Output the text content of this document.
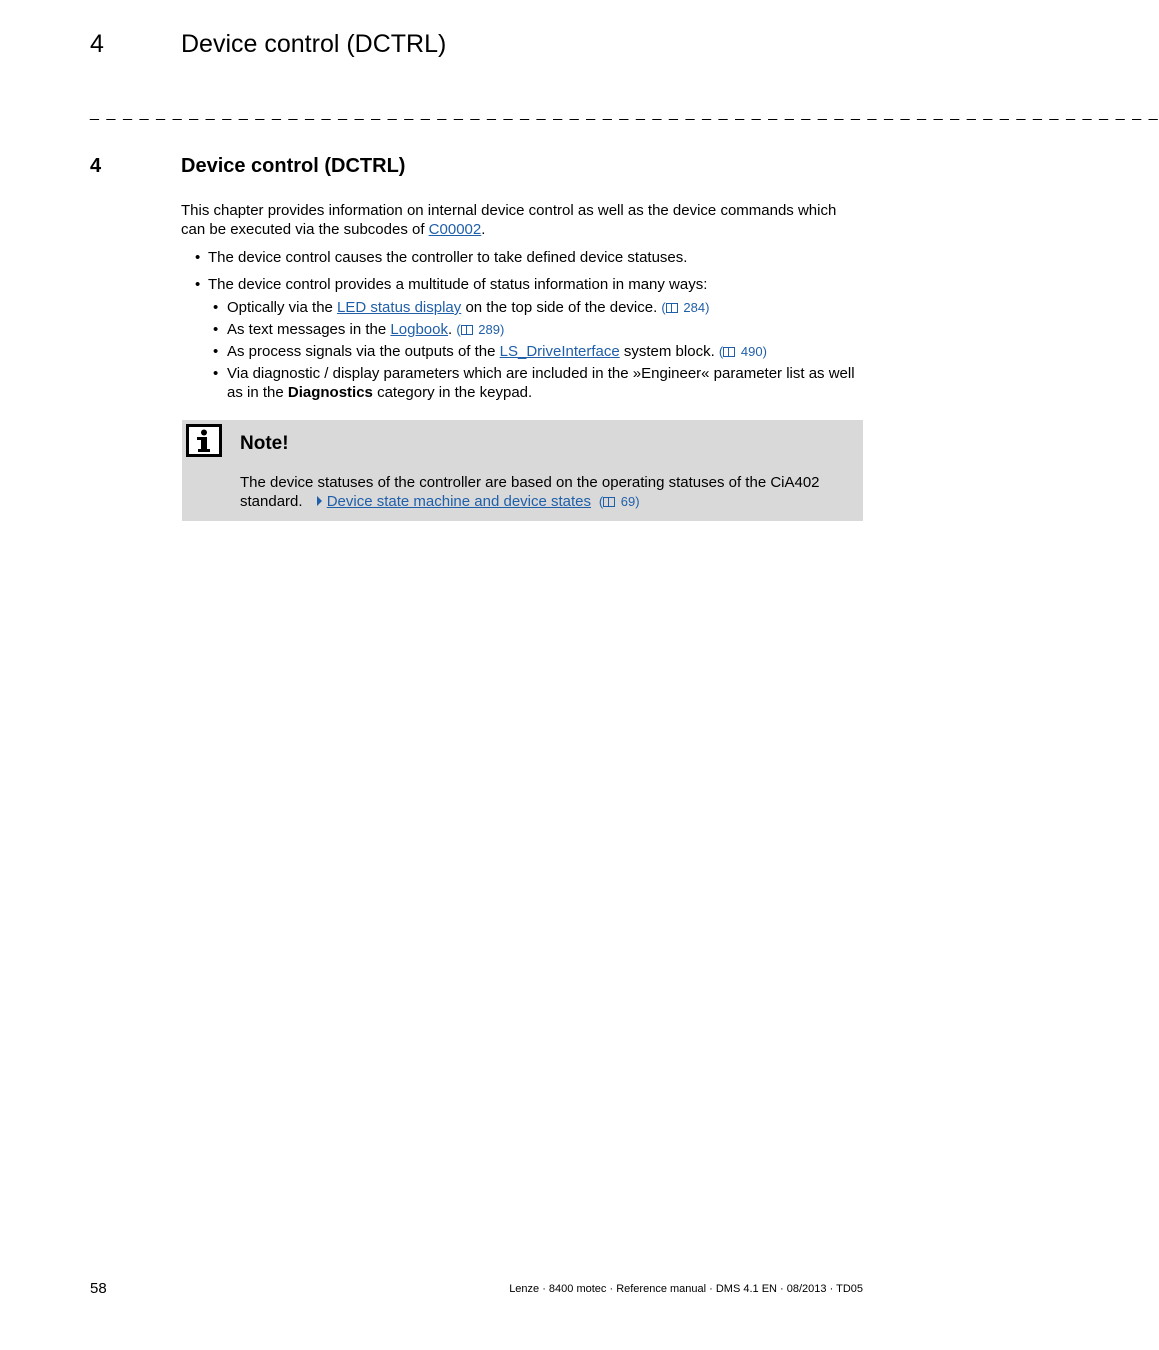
4	Device control (DCTRL)
_ _ _ _ _ _ _ _ _ _ _ _ _ _ _ _ _ _ _ _ _ _ _ _ _ _ _ _ _ _ _ _ _ _ _ _ _ _ _ _ _ _ _ _ _ _ _ _ _ _ _ _ _ _ _ _ _ _ _ _ _ _ _ _ _
4	Device control (DCTRL)

This chapter provides information on internal device control as well as the device commands which can be executed via the subcodes of C00002.

• The device control causes the controller to take defined device statuses.
• The device control provides a multitude of status information in many ways:
• Optically via the LED status display on the top side of the device. ( 284)
• As text messages in the Logbook. ( 289)
• As process signals via the outputs of the LS_DriveInterface system block. ( 490)
• Via diagnostic / display parameters which are included in the »Engineer« parameter list as well as in the Diagnostics category in the keypad.
Note!
The device statuses of the controller are based on the operating statuses of the CiA402 standard. Device state machine and device states ( 69)
58	Lenze · 8400 motec · Reference manual · DMS 4.1 EN · 08/2013 · TD05
